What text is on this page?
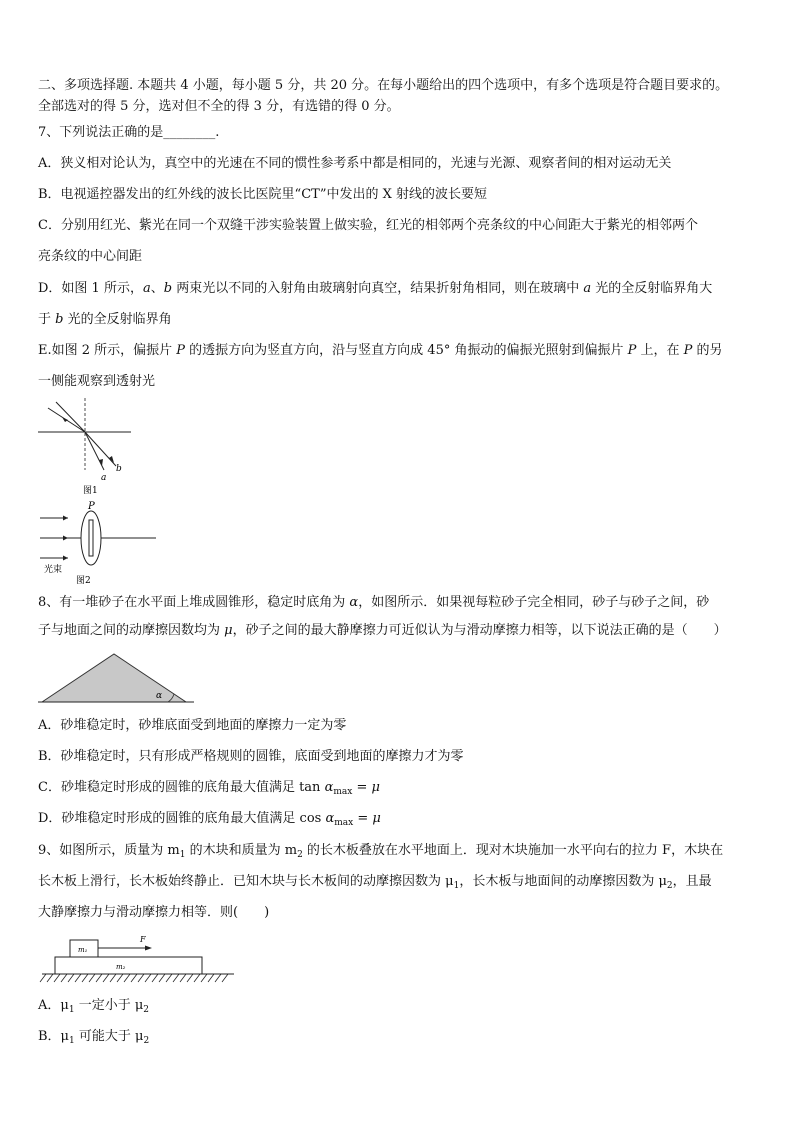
二、多项选择题. 本题共 4 小题，每小题 5 分，共 20 分。在每小题给出的四个选项中，有多个选项是符合题目要求的。
全部选对的得 5 分，选对但不全的得 3 分，有选错的得 0 分。
7、下列说法正确的是________.
A．狭义相对论认为，真空中的光速在不同的惯性参考系中都是相同的，光速与光源、观察者间的相对运动无关
B．电视遥控器发出的红外线的波长比医院里“CT”中发出的 X 射线的波长要短
C．分别用红光、紫光在同一个双缝干涉实验装置上做实验，红光的相邻两个亮条纹的中心间距大于紫光的相邻两个
亮条纹的中心间距
D．如图 1 所示，a、b 两束光以不同的入射角由玻璃射向真空，结果折射角相同，则在玻璃中 a 光的全反射临界角大
于 b 光的全反射临界角
E.如图 2 所示，偏振片 P 的透振方向为竖直方向，沿与竖直方向成 45° 角振动的偏振光照射到偏振片 P 上，在 P 的另
一侧能观察到透射光
a
b
图1
P
光束
图2
8、有一堆砂子在水平面上堆成圆锥形，稳定时底角为 α，如图所示．如果视每粒砂子完全相同，砂子与砂子之间，砂
子与地面之间的动摩擦因数均为 μ，砂子之间的最大静摩擦力可近似认为与滑动摩擦力相等，以下说法正确的是（　　）
α
A．砂堆稳定时，砂堆底面受到地面的摩擦力一定为零
B．砂堆稳定时，只有形成严格规则的圆锥，底面受到地面的摩擦力才为零
C．砂堆稳定时形成的圆锥的底角最大值满足 $\tan \alpha_{max} = \mu$
D．砂堆稳定时形成的圆锥的底角最大值满足 $\cos \alpha_{max} = \mu$
9、如图所示，质量为 $m_1$ 的木块和质量为 $m_2$ 的长木板叠放在水平地面上．现对木块施加一水平向右的拉力 F，木块在
长木板上滑行，长木板始终静止．已知木块与长木板间的动摩擦因数为 $\mu_1$，长木板与地面间的动摩擦因数为 $\mu_2$，且最
大静摩擦力与滑动摩擦力相等．则(　　)
m₁
F
m₂
A．$\mu_1$ 一定小于 $\mu_2$
B．$\mu_1$ 可能大于 $\mu_2$
